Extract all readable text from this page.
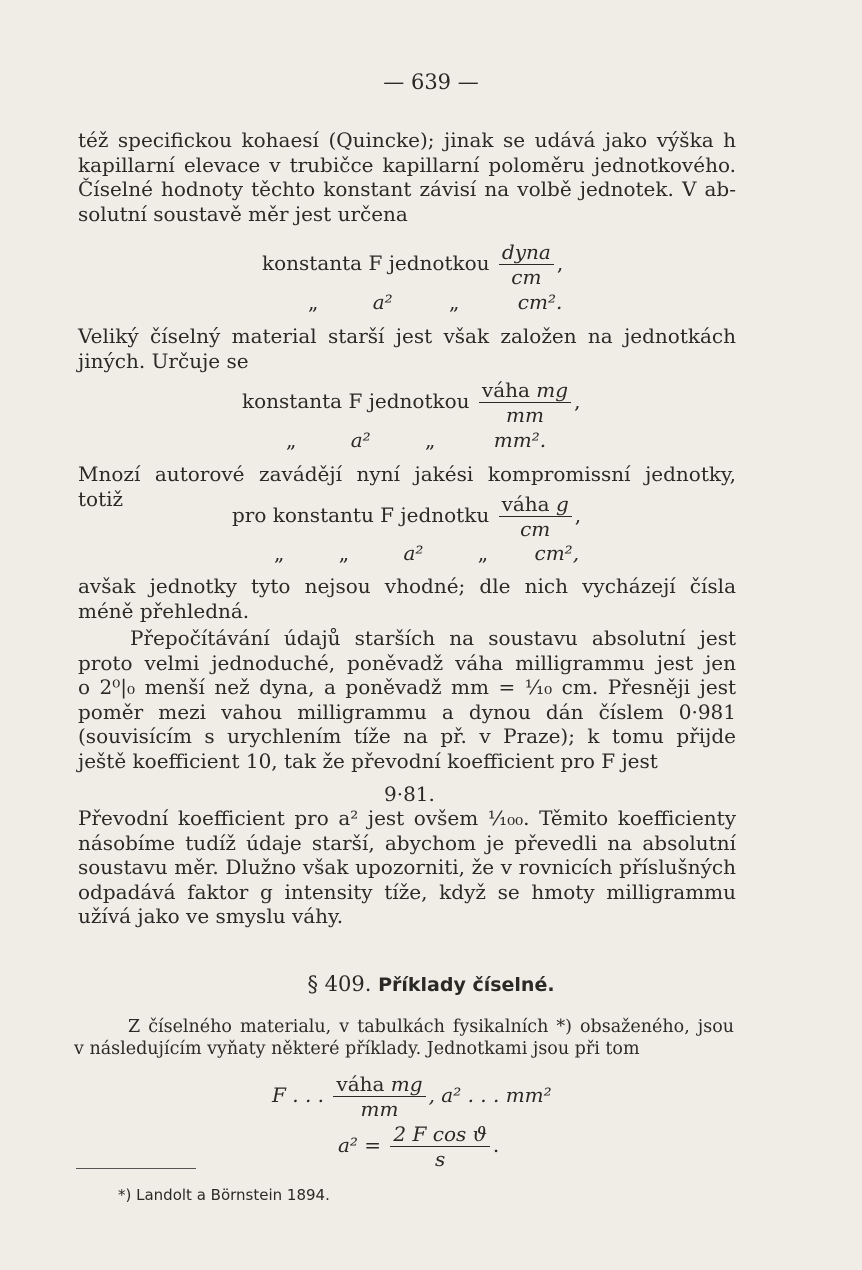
— 639 —
též specifickou kohaesí (Quincke); jinak se udává jako výška h
kapillarní elevace v trubičce kapillarní poloměru jednotkového.
Číselné hodnoty těchto konstant závisí na volbě jednotek. V ab-
solutní soustavě měr jest určena
konstanta F jednotkou $\frac{\text{dyna}}{cm}$ ,
„	a²	„	cm².
Veliký číselný material starší jest však založen na jednotkách
jiných. Určuje se
konstanta F jednotkou $\frac{\text{váha mg}}{mm}$ ,
„	a²	„	mm².
Mnozí autorové zavádějí nyní jakési kompromissní jednotky, totiž
pro konstantu F jednotku $\frac{\text{váha g}}{cm}$ ,
„	„	a²	„ cm²,
avšak jednotky tyto nejsou vhodné; dle nich vycházejí čísla
méně přehledná.
Přepočítávání údajů starších na soustavu absolutní jest
proto velmi jednoduché, poněvadž váha milligrammu jest jen
o 2⁰|₀ menší než dyna, a poněvadž mm = ¹⁄₁₀ cm. Přesněji jest
poměr mezi vahou milligrammu a dynou dán číslem 0·981
(souvisícím s urychlením tíže na př. v Praze); k tomu přijde
ještě koefficient 10, tak že převodní koefficient pro F jest
9·81.
Převodní koefficient pro a² jest ovšem ¹⁄₁₀₀. Těmito koefficienty
násobíme tudíž údaje starší, abychom je převedli na absolutní
soustavu měr. Dlužno však upozorniti, že v rovnicích příslušných
odpadává faktor g intensity tíže, když se hmoty milligrammu
užívá jako ve smyslu váhy.
§ 409. Příklady číselné.
Z číselného materialu, v tabulkách fysikalních *) obsaženého, jsou
v následujícím vyňaty některé příklady. Jednotkami jsou při tom
F . . . $\frac{\text{váha mg}}{mm}$ , a² . . . mm²
$a^2 = \frac{\text{2 F cos ϑ}}{s}$ .
*) Landolt a Börnstein 1894.
